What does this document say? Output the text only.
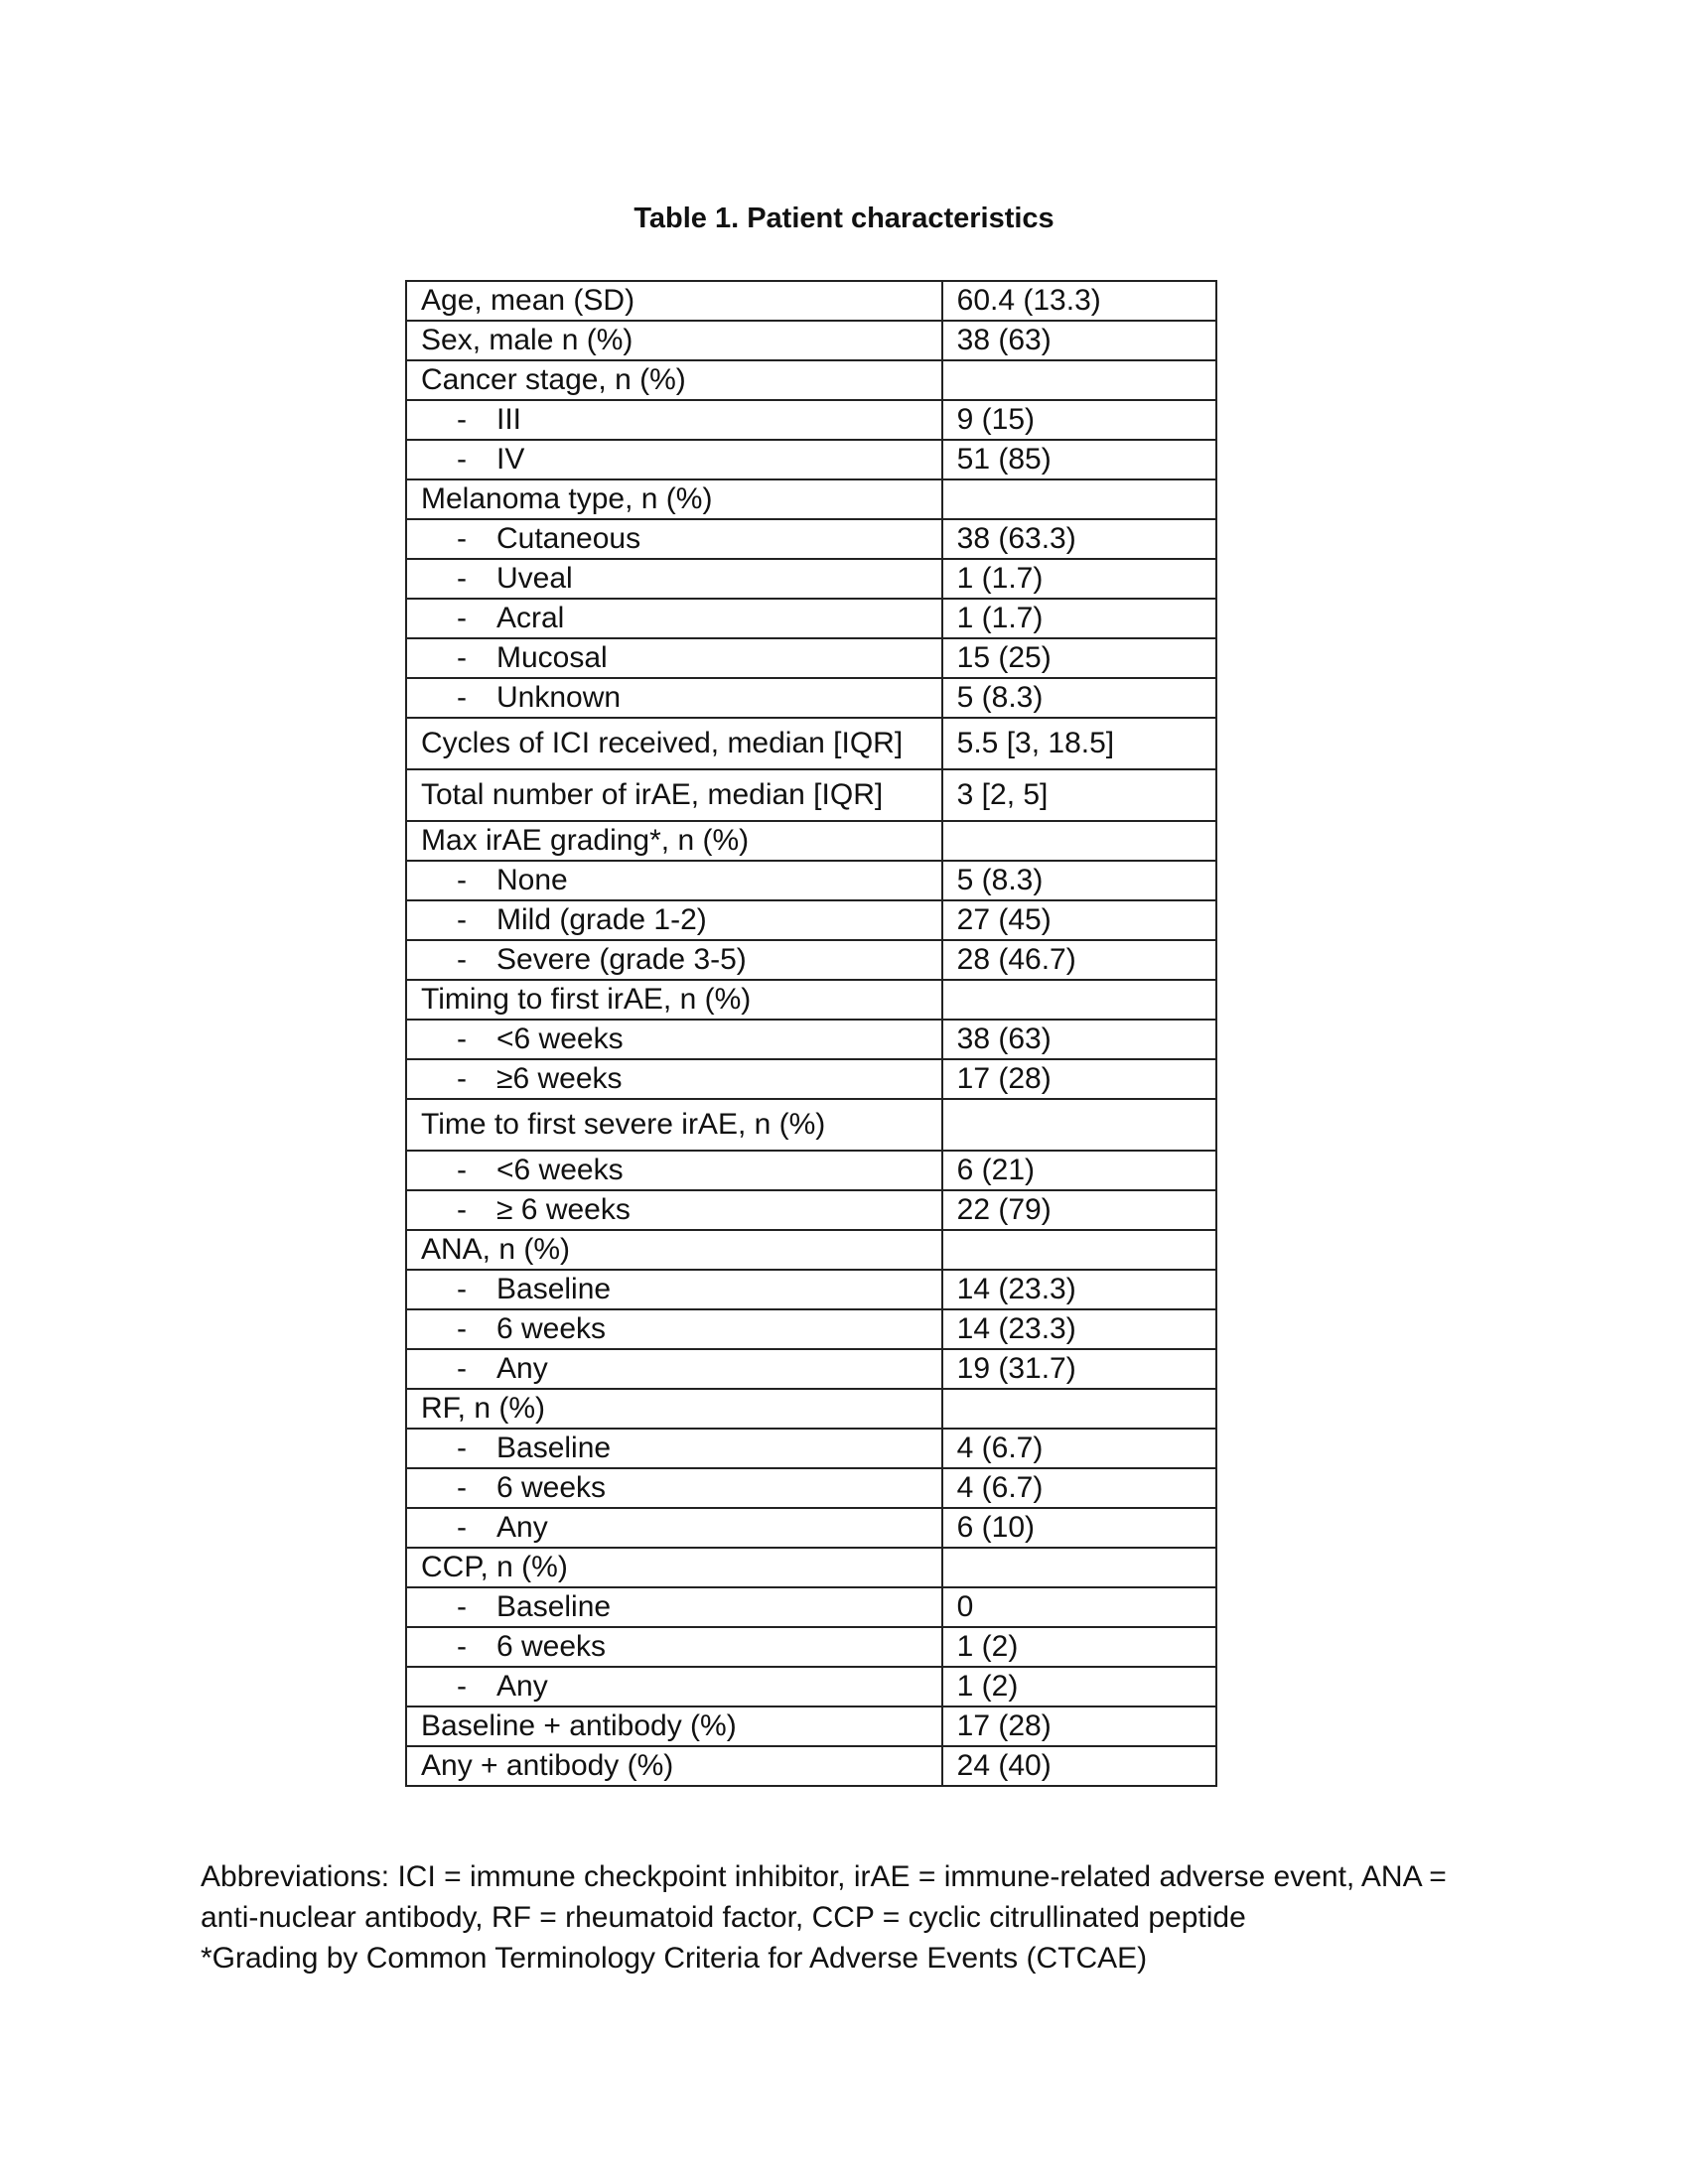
Table 1. Patient characteristics
Age, mean (SD)	60.4 (13.3)
Sex, male n (%)	38 (63)
Cancer stage, n (%)	
- III	9 (15)
- IV	51 (85)
Melanoma type, n (%)	
- Cutaneous	38 (63.3)
- Uveal	1 (1.7)
- Acral	1 (1.7)
- Mucosal	15 (25)
- Unknown	5 (8.3)
Cycles of ICI received, median [IQR]	5.5 [3, 18.5]
Total number of irAE, median [IQR]	3 [2, 5]
Max irAE grading*, n (%)	
- None	5 (8.3)
- Mild (grade 1-2)	27 (45)
- Severe (grade 3-5)	28 (46.7)
Timing to first irAE, n (%)	
- <6 weeks	38 (63)
- ≥6 weeks	17 (28)
Time to first severe irAE, n (%)	
- <6 weeks	6 (21)
- ≥ 6 weeks	22 (79)
ANA, n (%)	
- Baseline	14 (23.3)
- 6 weeks	14 (23.3)
- Any	19 (31.7)
RF, n (%)	
- Baseline	4 (6.7)
- 6 weeks	4 (6.7)
- Any	6 (10)
CCP, n (%)	
- Baseline	0
- 6 weeks	1 (2)
- Any	1 (2)
Baseline + antibody (%)	17 (28)
Any + antibody (%)	24 (40)

Abbreviations: ICI = immune checkpoint inhibitor, irAE = immune-related adverse event, ANA = anti-nuclear antibody, RF = rheumatoid factor, CCP = cyclic citrullinated peptide

*Grading by Common Terminology Criteria for Adverse Events (CTCAE)
